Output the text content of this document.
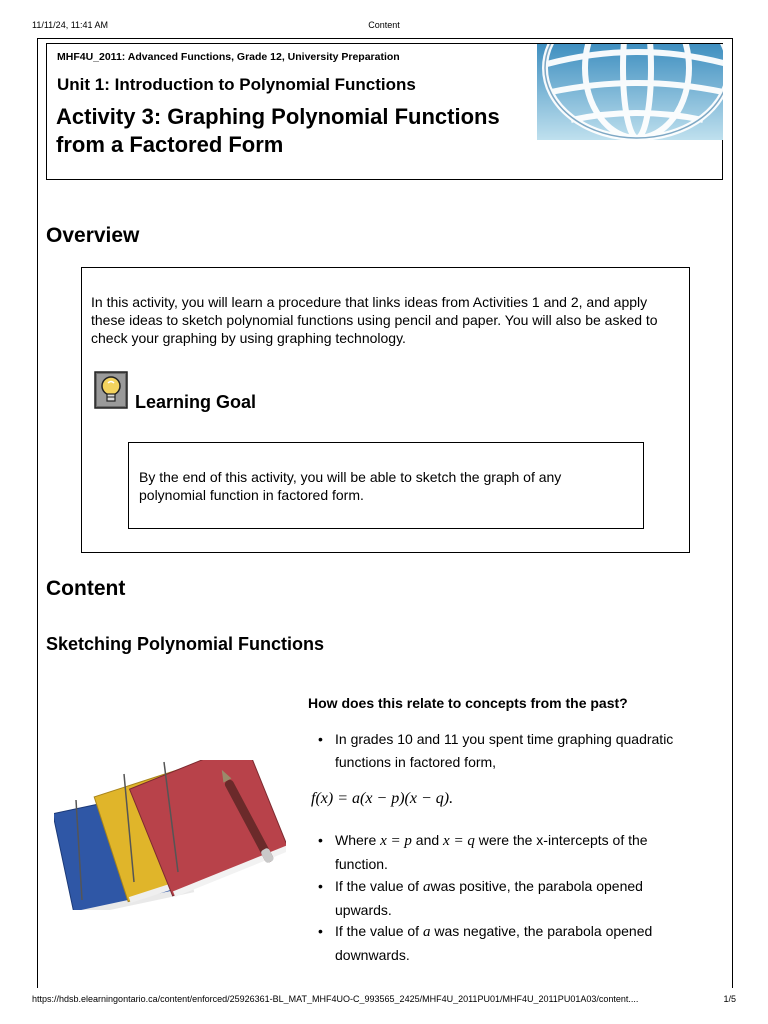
11/11/24, 11:41 AM	Content
MHF4U_2011: Advanced Functions, Grade 12, University Preparation
Unit 1: Introduction to Polynomial Functions
Activity 3: Graphing Polynomial Functions
from a Factored Form
Overview
In this activity, you will learn a procedure that links ideas from Activities 1 and 2, and apply these ideas to sketch polynomial functions using pencil and paper. You will also be asked to check your graphing by using graphing technology.
Learning Goal
By the end of this activity, you will be able to sketch the graph of any polynomial function in factored form.
Content
Sketching Polynomial Functions
How does this relate to concepts from the past?
• In grades 10 and 11 you spent time graphing quadratic functions in factored form,
• Where x = p and x = q were the x-intercepts of the function.
• If the value of awas positive, the parabola opened upwards.
• If the value of a was negative, the parabola opened downwards.
f(x) = a(x − p)(x − q).
https://hdsb.elearningontario.ca/content/enforced/25926361-BL_MAT_MHF4UO-C_993565_2425/MHF4U_2011PU01/MHF4U_2011PU01A03/content....	1/5
